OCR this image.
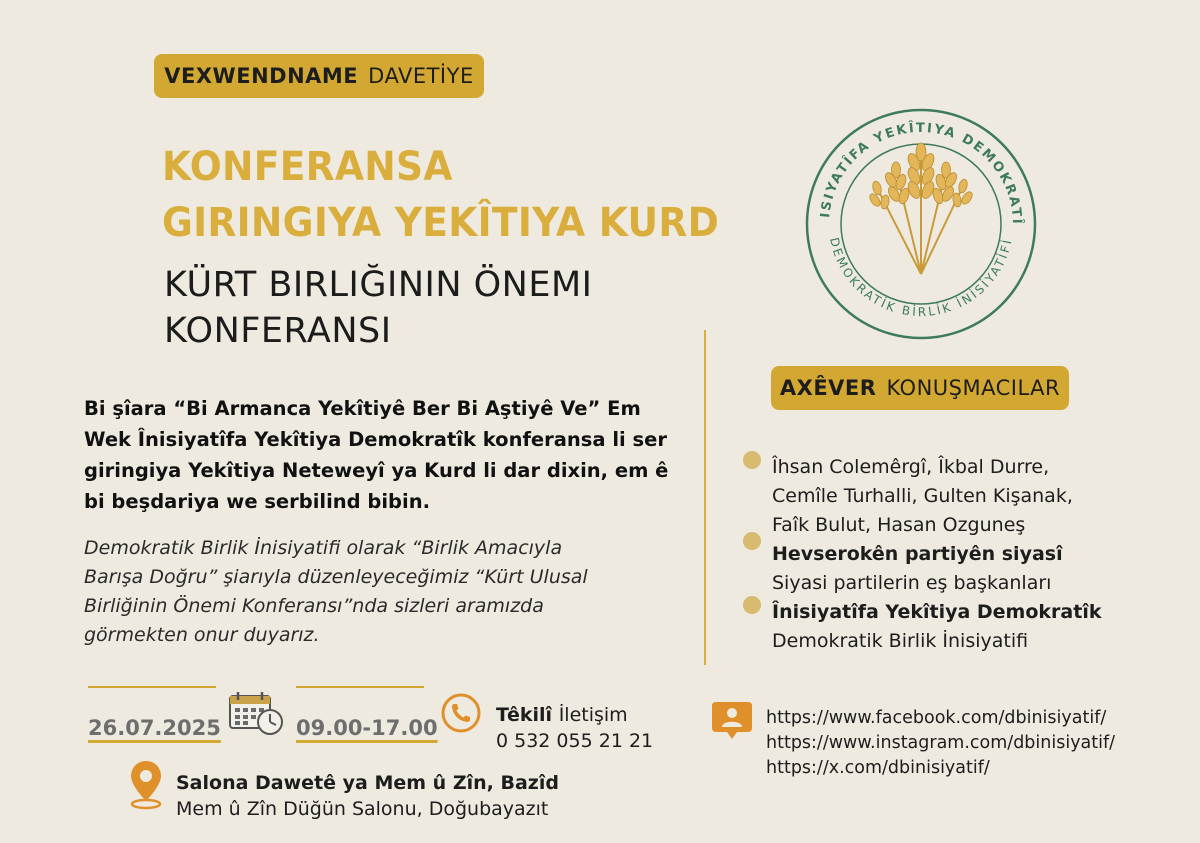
VEXWENDNAME DAVETİYE
KONFERANSA
GIRINGIYA YEKÎTIYA KURD
KÜRT BIRLIĞININ ÖNEMI
KONFERANSI
ISIYATÎFA YEKÎTIYA DEMOKRATÎ
DEMOKRATİK BİRLİK İNİSİYATİFİ
Bi şîara “Bi Armanca Yekîtiyê Ber Bi Aştiyê Ve” Em
Wek Înisiyatîfa Yekîtiya Demokratîk konferansa li ser
giringiya Yekîtiya Neteweyî ya Kurd li dar dixin, em ê
bi beşdariya we serbilind bibin.
Demokratik Birlik İnisiyatifi olarak “Birlik Amacıyla
Barışa Doğru” şiarıyla düzenleyeceğimiz “Kürt Ulusal
Birliğinin Önemi Konferansı”nda sizleri aramızda
görmekten onur duyarız.
AXÊVER KONUŞMACILAR
Îhsan Colemêrgî, Îkbal Durre,
Cemîle Turhalli, Gulten Kişanak,
Faîk Bulut, Hasan Ozguneş
Hevserokên partiyên siyasî
Siyasi partilerin eş başkanları
Înisiyatîfa Yekîtiya Demokratîk
Demokratik Birlik İnisiyatifi
26.07.2025	09.00-17.00
Têkilî İletişim
0 532 055 21 21
Salona Dawetê ya Mem û Zîn, Bazîd
Mem û Zîn Düğün Salonu, Doğubayazıt
https://www.facebook.com/dbinisiyatif/
https://www.instagram.com/dbinisiyatif/
https://x.com/dbinisiyatif/
